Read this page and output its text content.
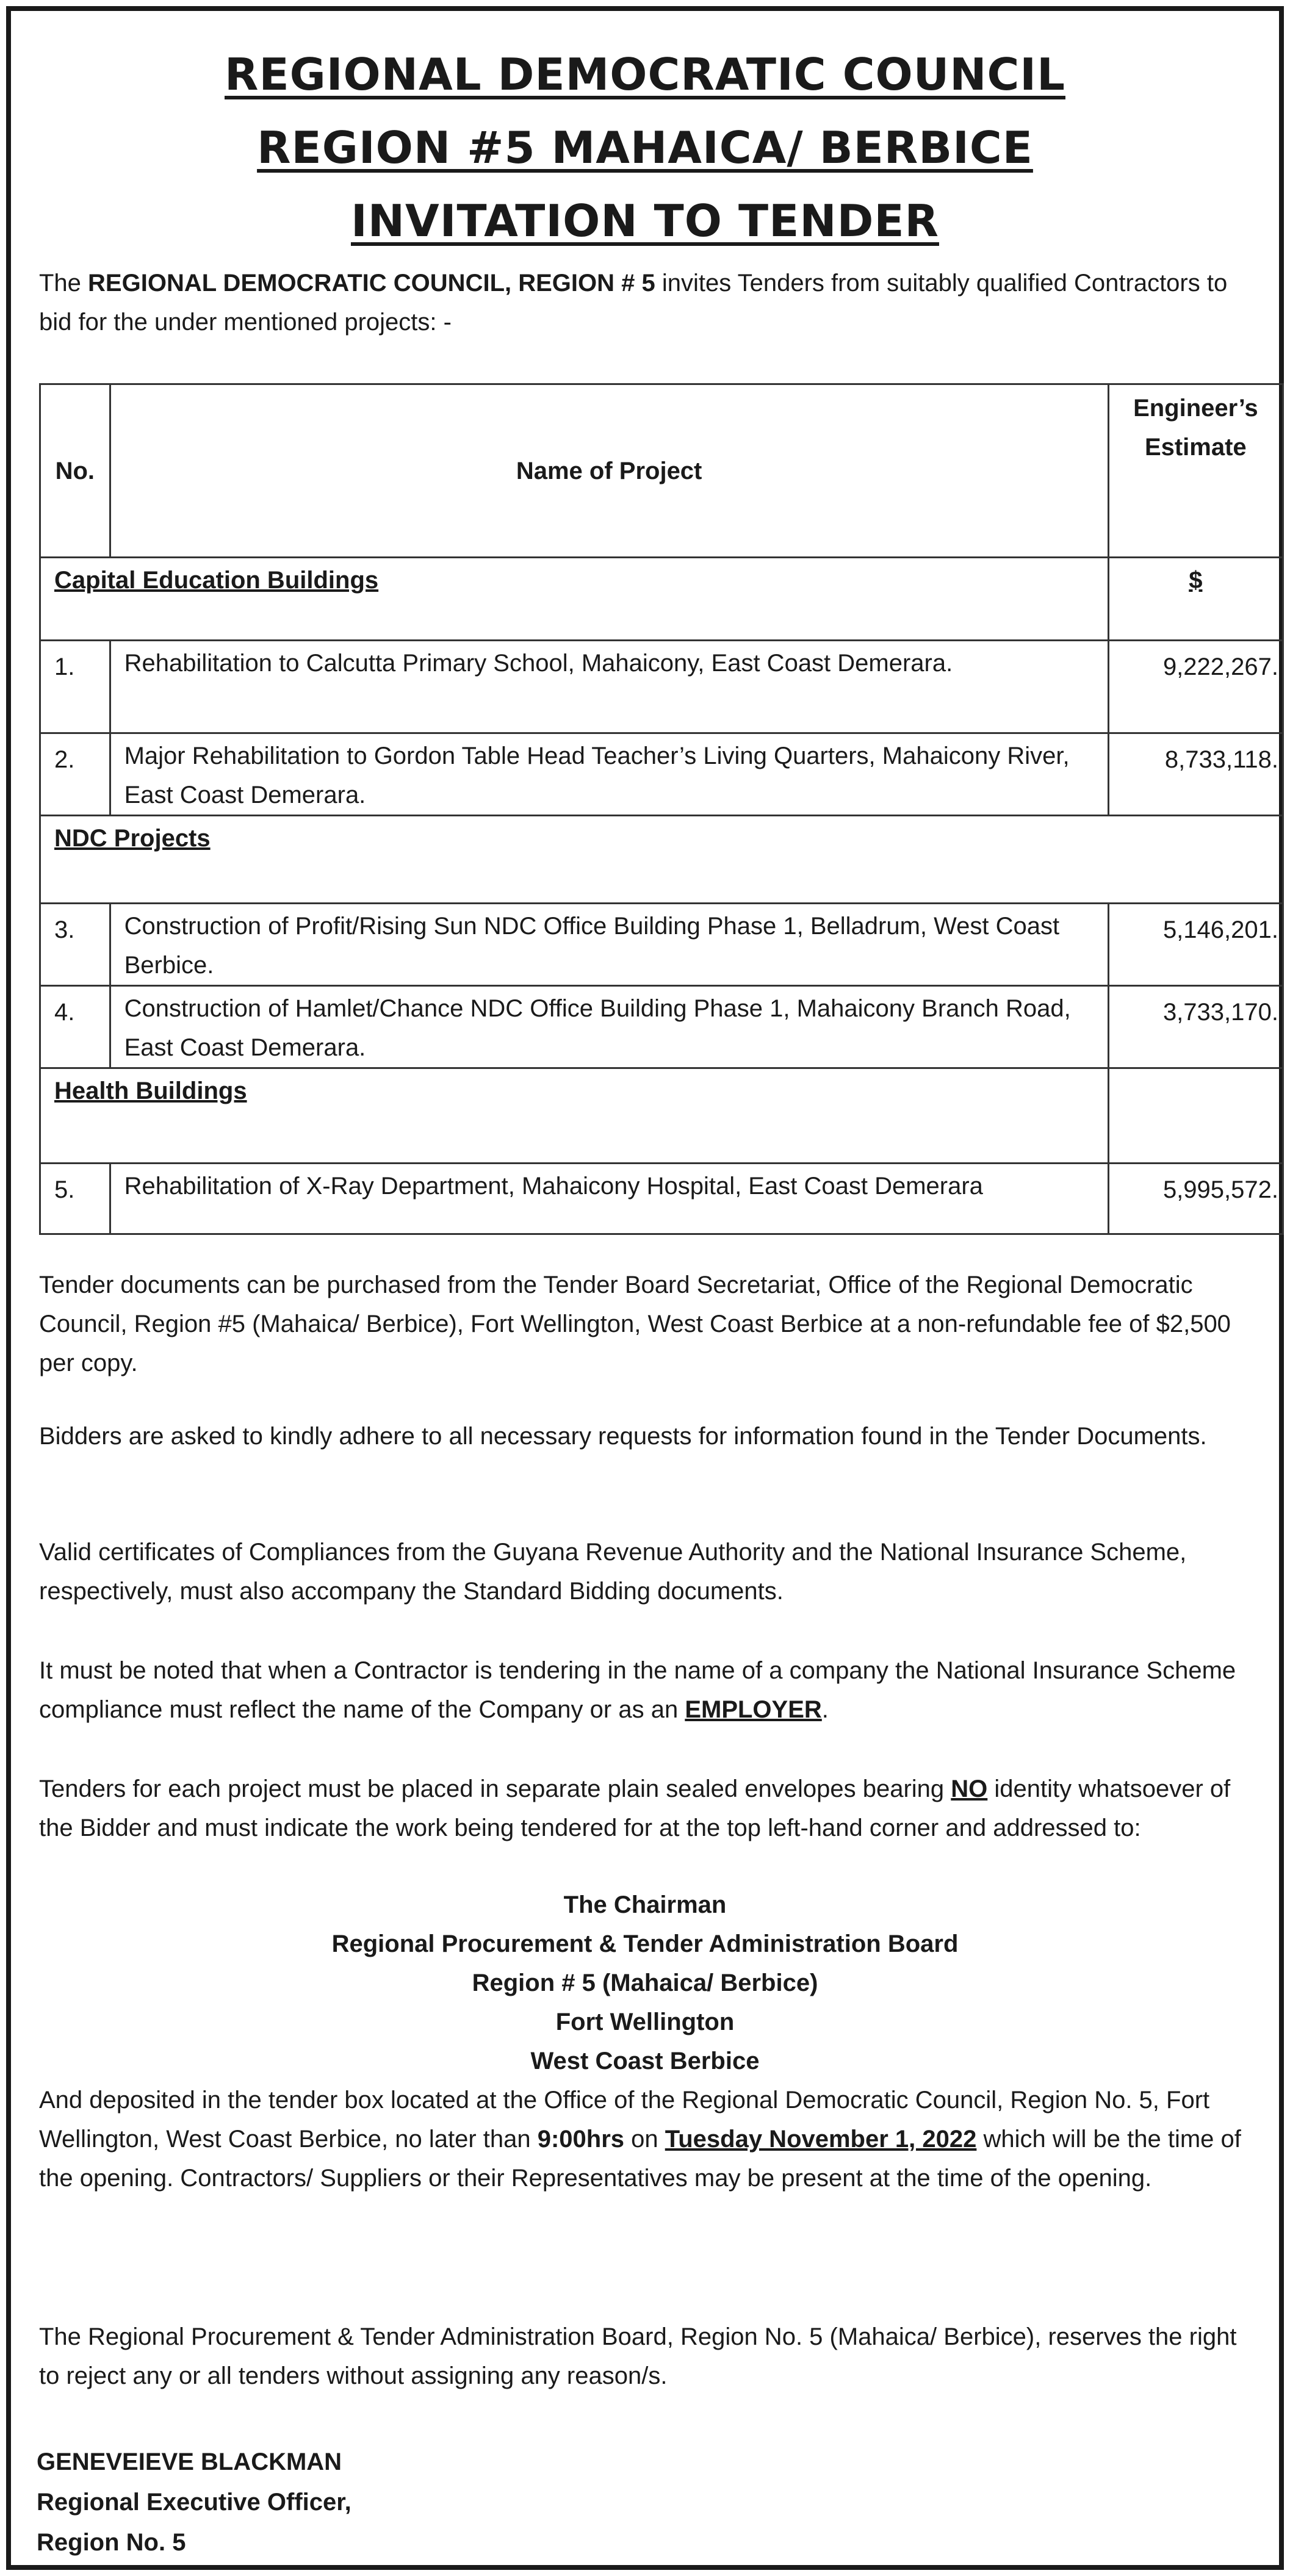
REGIONAL DEMOCRATIC COUNCIL
REGION #5 MAHAICA/ BERBICE
INVITATION TO TENDER
The REGIONAL DEMOCRATIC COUNCIL, REGION # 5 invites Tenders from suitably qualified Contractors to bid for the under mentioned projects: -
No.	Name of Project	Engineer’s
Estimate
Capital Education Buildings		$
1.	Rehabilitation to Calcutta Primary School, Mahaicony, East Coast Demerara.	9,222,267.
2.	Major Rehabilitation to Gordon Table Head Teacher’s Living Quarters, Mahaicony River, East Coast Demerara.	8,733,118.
NDC Projects		
3.	Construction of Profit/Rising Sun NDC Office Building Phase 1, Belladrum, West Coast Berbice.	5,146,201.
4.	Construction of Hamlet/Chance NDC Office Building Phase 1, Mahaicony Branch Road, East Coast Demerara.	3,733,170.
Health Buildings		
5.	Rehabilitation of X-Ray Department, Mahaicony Hospital, East Coast Demerara	5,995,572.
Tender documents can be purchased from the Tender Board Secretariat, Office of the Regional Democratic Council, Region #5 (Mahaica/ Berbice), Fort Wellington, West Coast Berbice at a non-refundable fee of $2,500 per copy.
Bidders are asked to kindly adhere to all necessary requests for information found in the Tender Documents.
Valid certificates of Compliances from the Guyana Revenue Authority and the National Insurance Scheme, respectively, must also accompany the Standard Bidding documents.
It must be noted that when a Contractor is tendering in the name of a company the National Insurance Scheme compliance must reflect the name of the Company or as an EMPLOYER.
Tenders for each project must be placed in separate plain sealed envelopes bearing NO identity whatsoever of the Bidder and must indicate the work being tendered for at the top left-hand corner and addressed to:
The Chairman
Regional Procurement & Tender Administration Board
Region # 5 (Mahaica/ Berbice)
Fort Wellington
West Coast Berbice
And deposited in the tender box located at the Office of the Regional Democratic Council, Region No. 5, Fort Wellington, West Coast Berbice, no later than 9:00hrs on Tuesday November 1, 2022 which will be the time of the opening. Contractors/ Suppliers or their Representatives may be present at the time of the opening.
The Regional Procurement & Tender Administration Board, Region No. 5 (Mahaica/ Berbice), reserves the right to reject any or all tenders without assigning any reason/s.
GENEVEIEVE BLACKMAN
Regional Executive Officer,
Region No. 5
